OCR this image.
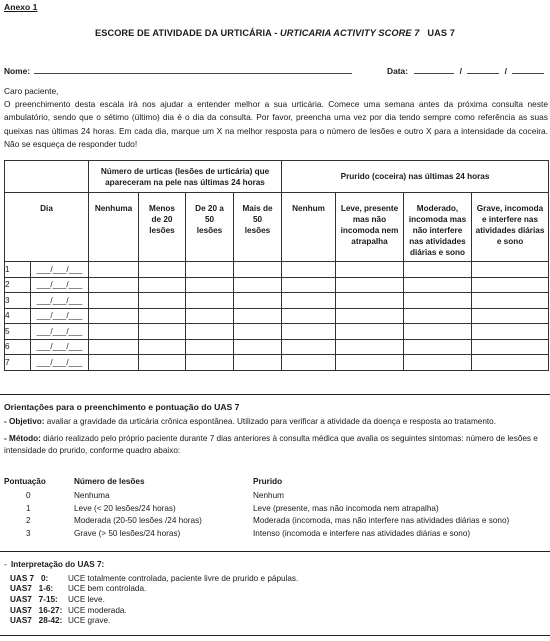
Anexo 1
ESCORE DE ATIVIDADE DA URTICÁRIA - URTICARIA ACTIVITY SCORE 7 UAS 7
Nome:	Data:	/	/
Caro paciente,
O preenchimento desta escala irá nos ajudar a entender melhor a sua urticária. Comece uma semana antes da próxima consulta neste ambulatório, sendo que o sétimo (último) dia é o dia da consulta. Por favor, preencha uma vez por dia tendo sempre como referência as suas queixas nas últimas 24 horas. Em cada dia, marque um X na melhor resposta para o número de lesões e outro X para a intensidade da coceira. Não se esqueça de responder tudo!
		Número de urticas (lesões de urticária) que apareceram na pele nas últimas 24 horas				Prurido (coceira) nas últimas 24 horas			
Dia		Nenhuma	Menos de 20 lesões	De 20 a 50 lesões	Mais de 50 lesões	Nenhum	Leve, presente mas não incomoda nem atrapalha	Moderado, incomoda mas não interfere nas atividades diárias e sono	Grave, incomoda e interfere nas atividades diárias e sono
1	___/___/___								
2	___/___/___								
3	___/___/___								
4	___/___/___								
5	___/___/___								
6	___/___/___								
7	___/___/___								
Orientações para o preenchimento e pontuação do UAS 7
- Objetivo: avaliar a gravidade da urticária crônica espontânea. Utilizado para verificar a atividade da doença e resposta ao tratamento.
- Método: diário realizado pelo próprio paciente durante 7 dias anteriores à consulta médica que avalia os seguintes sintomas: número de lesões e intensidade do prurido, conforme quadro abaixo:
Pontuação	Número de lesões	Prurido
0	Nenhuma	Nenhum
1	Leve (< 20 lesões/24 horas)	Leve (presente, mas não incomoda nem atrapalha)
2	Moderada (20-50 lesões /24 horas)	Moderada (incomoda, mas não interfere nas atividades diárias e sono)
3	Grave (> 50 lesões/24 horas)	Intenso (incomoda e interfere nas atividades diárias e sono)
- Interpretação do UAS 7:
UAS 7   0:	UCE totalmente controlada, paciente livre de prurido e pápulas.
UAS7   1-6:	UCE bem controlada.
UAS7   7-15:	UCE leve.
UAS7   16-27:	UCE moderada.
UAS7   28-42:	UCE grave.
